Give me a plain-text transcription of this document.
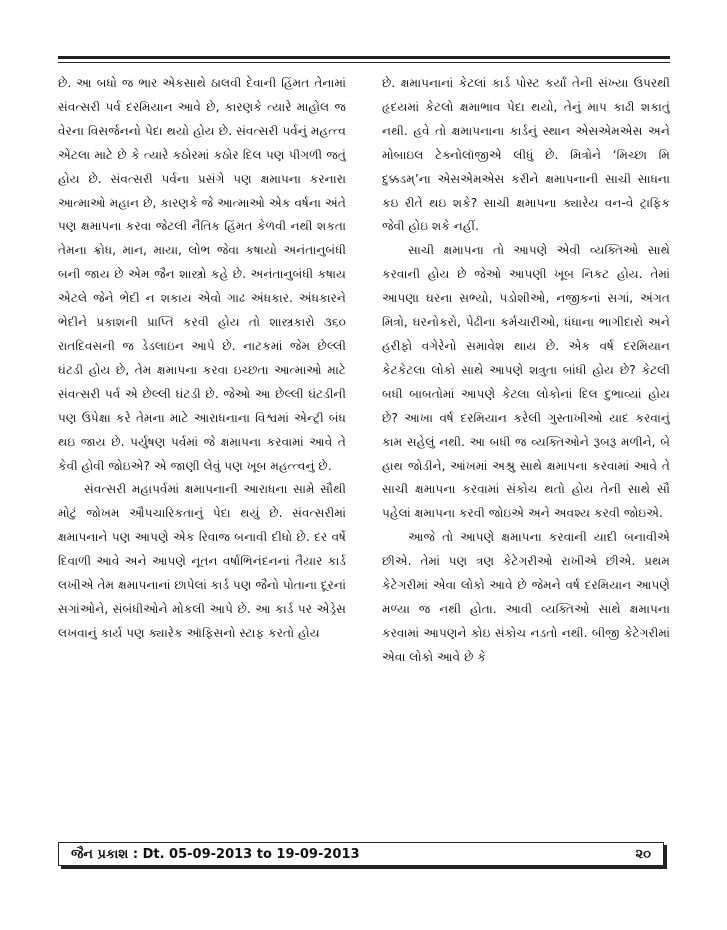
છે. આ બધો જ ભાર એકસાથે ઠાલવી દેવાની હિંમત તેનામાં સંવત્સરી પર્વ દરમિયાન આવે છે, કારણકે ત્યારે માહોલ જ વેરના વિસર્જનનો પેદા થયો હોય છે. સંવત્સરી પર્વનું મહત્ત્વ એટલા માટે છે કે ત્યારે કઠોરમાં કઠોર દિલ પણ પીગળી જતું હોય છે. સંવત્સરી પર્વના પ્રસંગે પણ ક્ષમાપના કરનારા આત્માઓ મહાન છે, કારણકે જે આત્માઓ એક વર્ષના અંતે પણ ક્ષમાપના કરવા જેટલી નૈતિક હિંમત કેળવી નથી શકતા તેમના ક્રોધ, માન, માયા, લોભ જેવા કષાયો અનંતાનુબંધી બની જાય છે એમ જૈન શાસ્ત્રો કહે છે. અનંતાનુબંધી કષાય એટલે જેને ભેદી ન શકાય એવો ગાઢ અંધકાર. અંધકારને ભેદીને પ્રકાશની પ્રાપ્તિ કરવી હોય તો શાસ્ત્રકારો ૩૬૦ રાતદિવસની જ ડેડલાઇન આપે છે. નાટકમાં જેમ છેલ્લી ઘંટડી હોય છે, તેમ ક્ષમાપના કરવા ઇચ્છતા આત્માઓ માટે સંવત્સરી પર્વ એ છેલ્લી ઘંટડી છે. જેઓ આ છેલ્લી ઘંટડીની પણ ઉપેક્ષા કરે તેમના માટે આરાધનાના વિશ્વમાં એન્ટ્રી બંધ થઇ જાય છે. પર્યુષણ પર્વમાં જે ક્ષમાપના કરવામાં આવે તે કેવી હોવી જોઇએ? એ જાણી લેવું પણ ખૂબ મહત્ત્વનું છે.

સંવત્સરી મહાપર્વમાં ક્ષમાપનાની આરાધના સામે સૌથી મોટું જોખમ ઔપચારિકતાનું પેદા થયું છે. સંવત્સરીમાં ક્ષમાપનાને પણ આપણે એક રિવાજ બનાવી દીધો છે. દર વર્ષે દિવાળી આવે અને આપણે નૂતન વર્ષાભિનંદનનાં તૈયાર કાર્ડ લખીએ તેમ ક્ષમાપનાનાં છાપેલાં કાર્ડ પણ જૈનો પોતાના દૂરનાં સગાંઓને, સંબંધીઓને મોકલી આપે છે. આ કાર્ડ પર એડ્રેસ લખવાનું કાર્ય પણ ક્યારેક ઑફિસનો સ્ટાફ કરતો હોય

છે. ક્ષમાપનાનાં કેટલાં કાર્ડ પોસ્ટ કર્યાં તેની સંખ્યા ઉપરથી હૃદયમાં કેટલો ક્ષમાભાવ પેદા થયો, તેનું માપ કાઢી શકાતું નથી. હવે તો ક્ષમાપનાના કાર્ડનું સ્થાન એસએમએસ અને મોબાઇલ ટેક્નોલૉજીએ લીધું છે. મિત્રોને ‘મિચ્છા મિ દુક્કડમ્’ના એસએમએસ કરીને ક્ષમાપનાની સાચી સાધના કઇ રીતે થઇ શકે? સાચી ક્ષમાપના ક્યારેય વન-વે ટ્રાફિક જેવી હોઇ શકે નહીં.

સાચી ક્ષમાપના તો આપણે એવી વ્યક્તિઓ સાથે કરવાની હોય છે જેઓ આપણી ખૂબ નિકટ હોય. તેમાં આપણા ઘરના સભ્યો, પડોશીઓ, નજીકનાં સગાં, અંગત મિત્રો, ઘરનોકરો, પેઢીના કર્મચારીઓ, ધંધાના ભાગીદારો અને હરીફો વગેરેનો સમાવેશ થાય છે. એક વર્ષ દરમિયાન કેટકેટલા લોકો સાથે આપણે શત્રુતા બાંધી હોય છે? કેટલી બધી બાબતોમાં આપણે કેટલા લોકોનાં દિલ દુભાવ્યાં હોય છે? આખા વર્ષ દરમિયાન કરેલી ગુસ્તાખીઓ યાદ કરવાનું કામ સહેલું નથી. આ બધી જ વ્યક્તિઓને રૂબરૂ મળીને, બે હાથ જોડીને, આંખમાં અશ્રુ સાથે ક્ષમાપના કરવામાં આવે તે સાચી ક્ષમાપના કરવામાં સંકોચ થતો હોય તેની સાથે સૌ પહેલાં ક્ષમાપના કરવી જોઇએ અને અવશ્ય કરવી જોઇએ.

આજે તો આપણે ક્ષમાપના કરવાની યાદી બનાવીએ છીએ. તેમાં પણ ત્રણ કેટેગરીઓ રાખીએ છીએ. પ્રથમ કેટેગરીમાં એવા લોકો આવે છે જેમને વર્ષ દરમિયાન આપણે મળ્યા જ નથી હોતા. આવી વ્યક્તિઓ સાથે ક્ષમાપના કરવામાં આપણને કોઇ સંકોચ નડતો નથી. બીજી કેટેગરીમાં એવા લોકો આવે છે કે

જૈન પ્રકાશ : Dt. 05-09-2013 to 19-09-2013	૨૦
